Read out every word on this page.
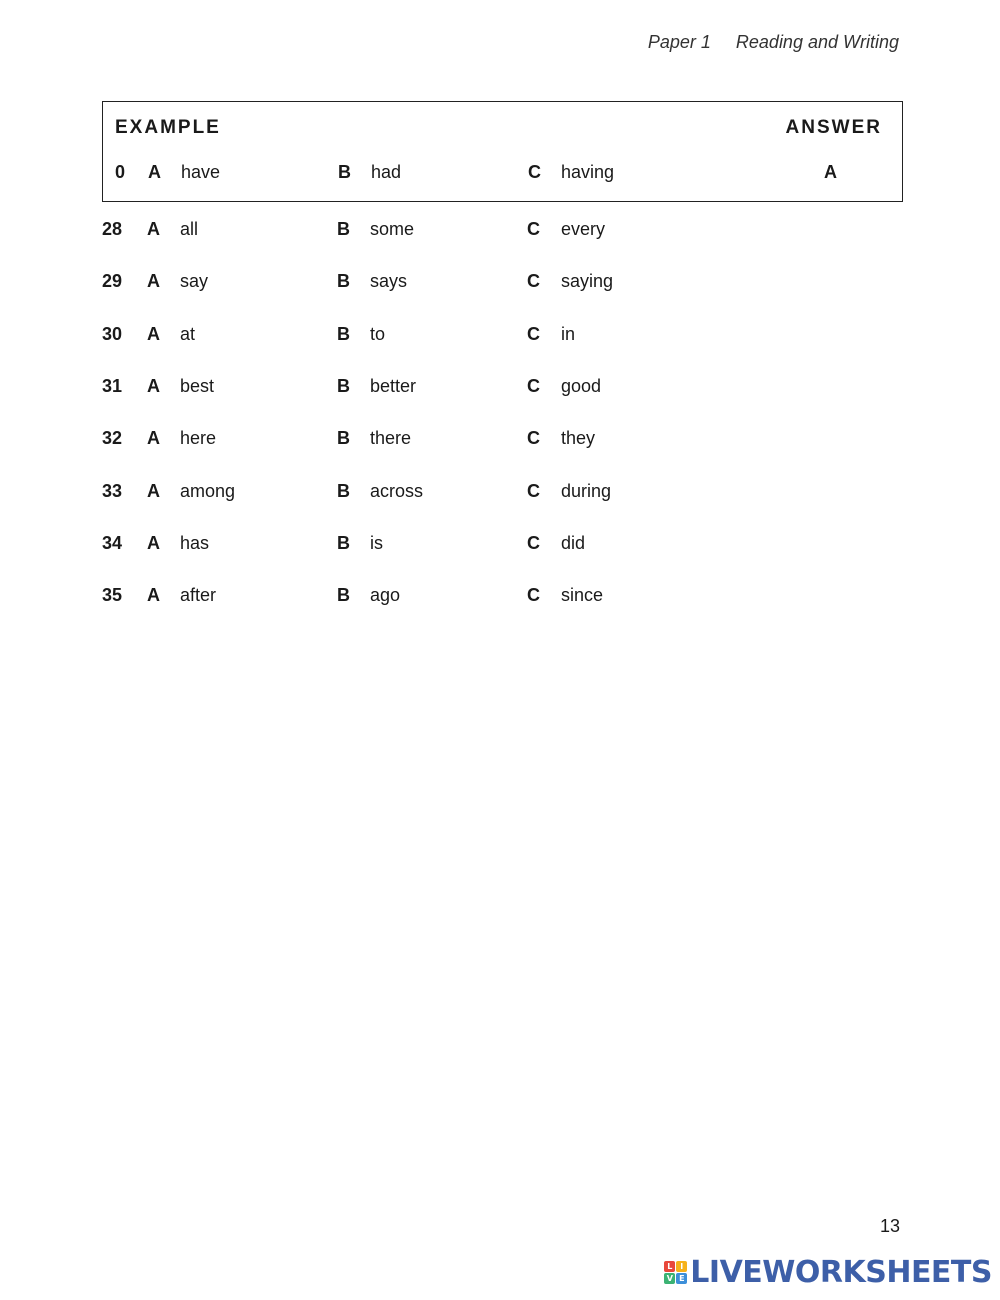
Paper 1 Reading and Writing
EXAMPLE	ANSWER
0 A have	B had	C having	A
28 A all	B some	C every
29 A say	B says	C saying
30 A at	B to	C in
31 A best	B better	C good
32 A here	B there	C they
33 A among	B across	C during
34 A has	B is	C did
35 A after	B ago	C since
13
L I
V E LIVEWORKSHEETS
